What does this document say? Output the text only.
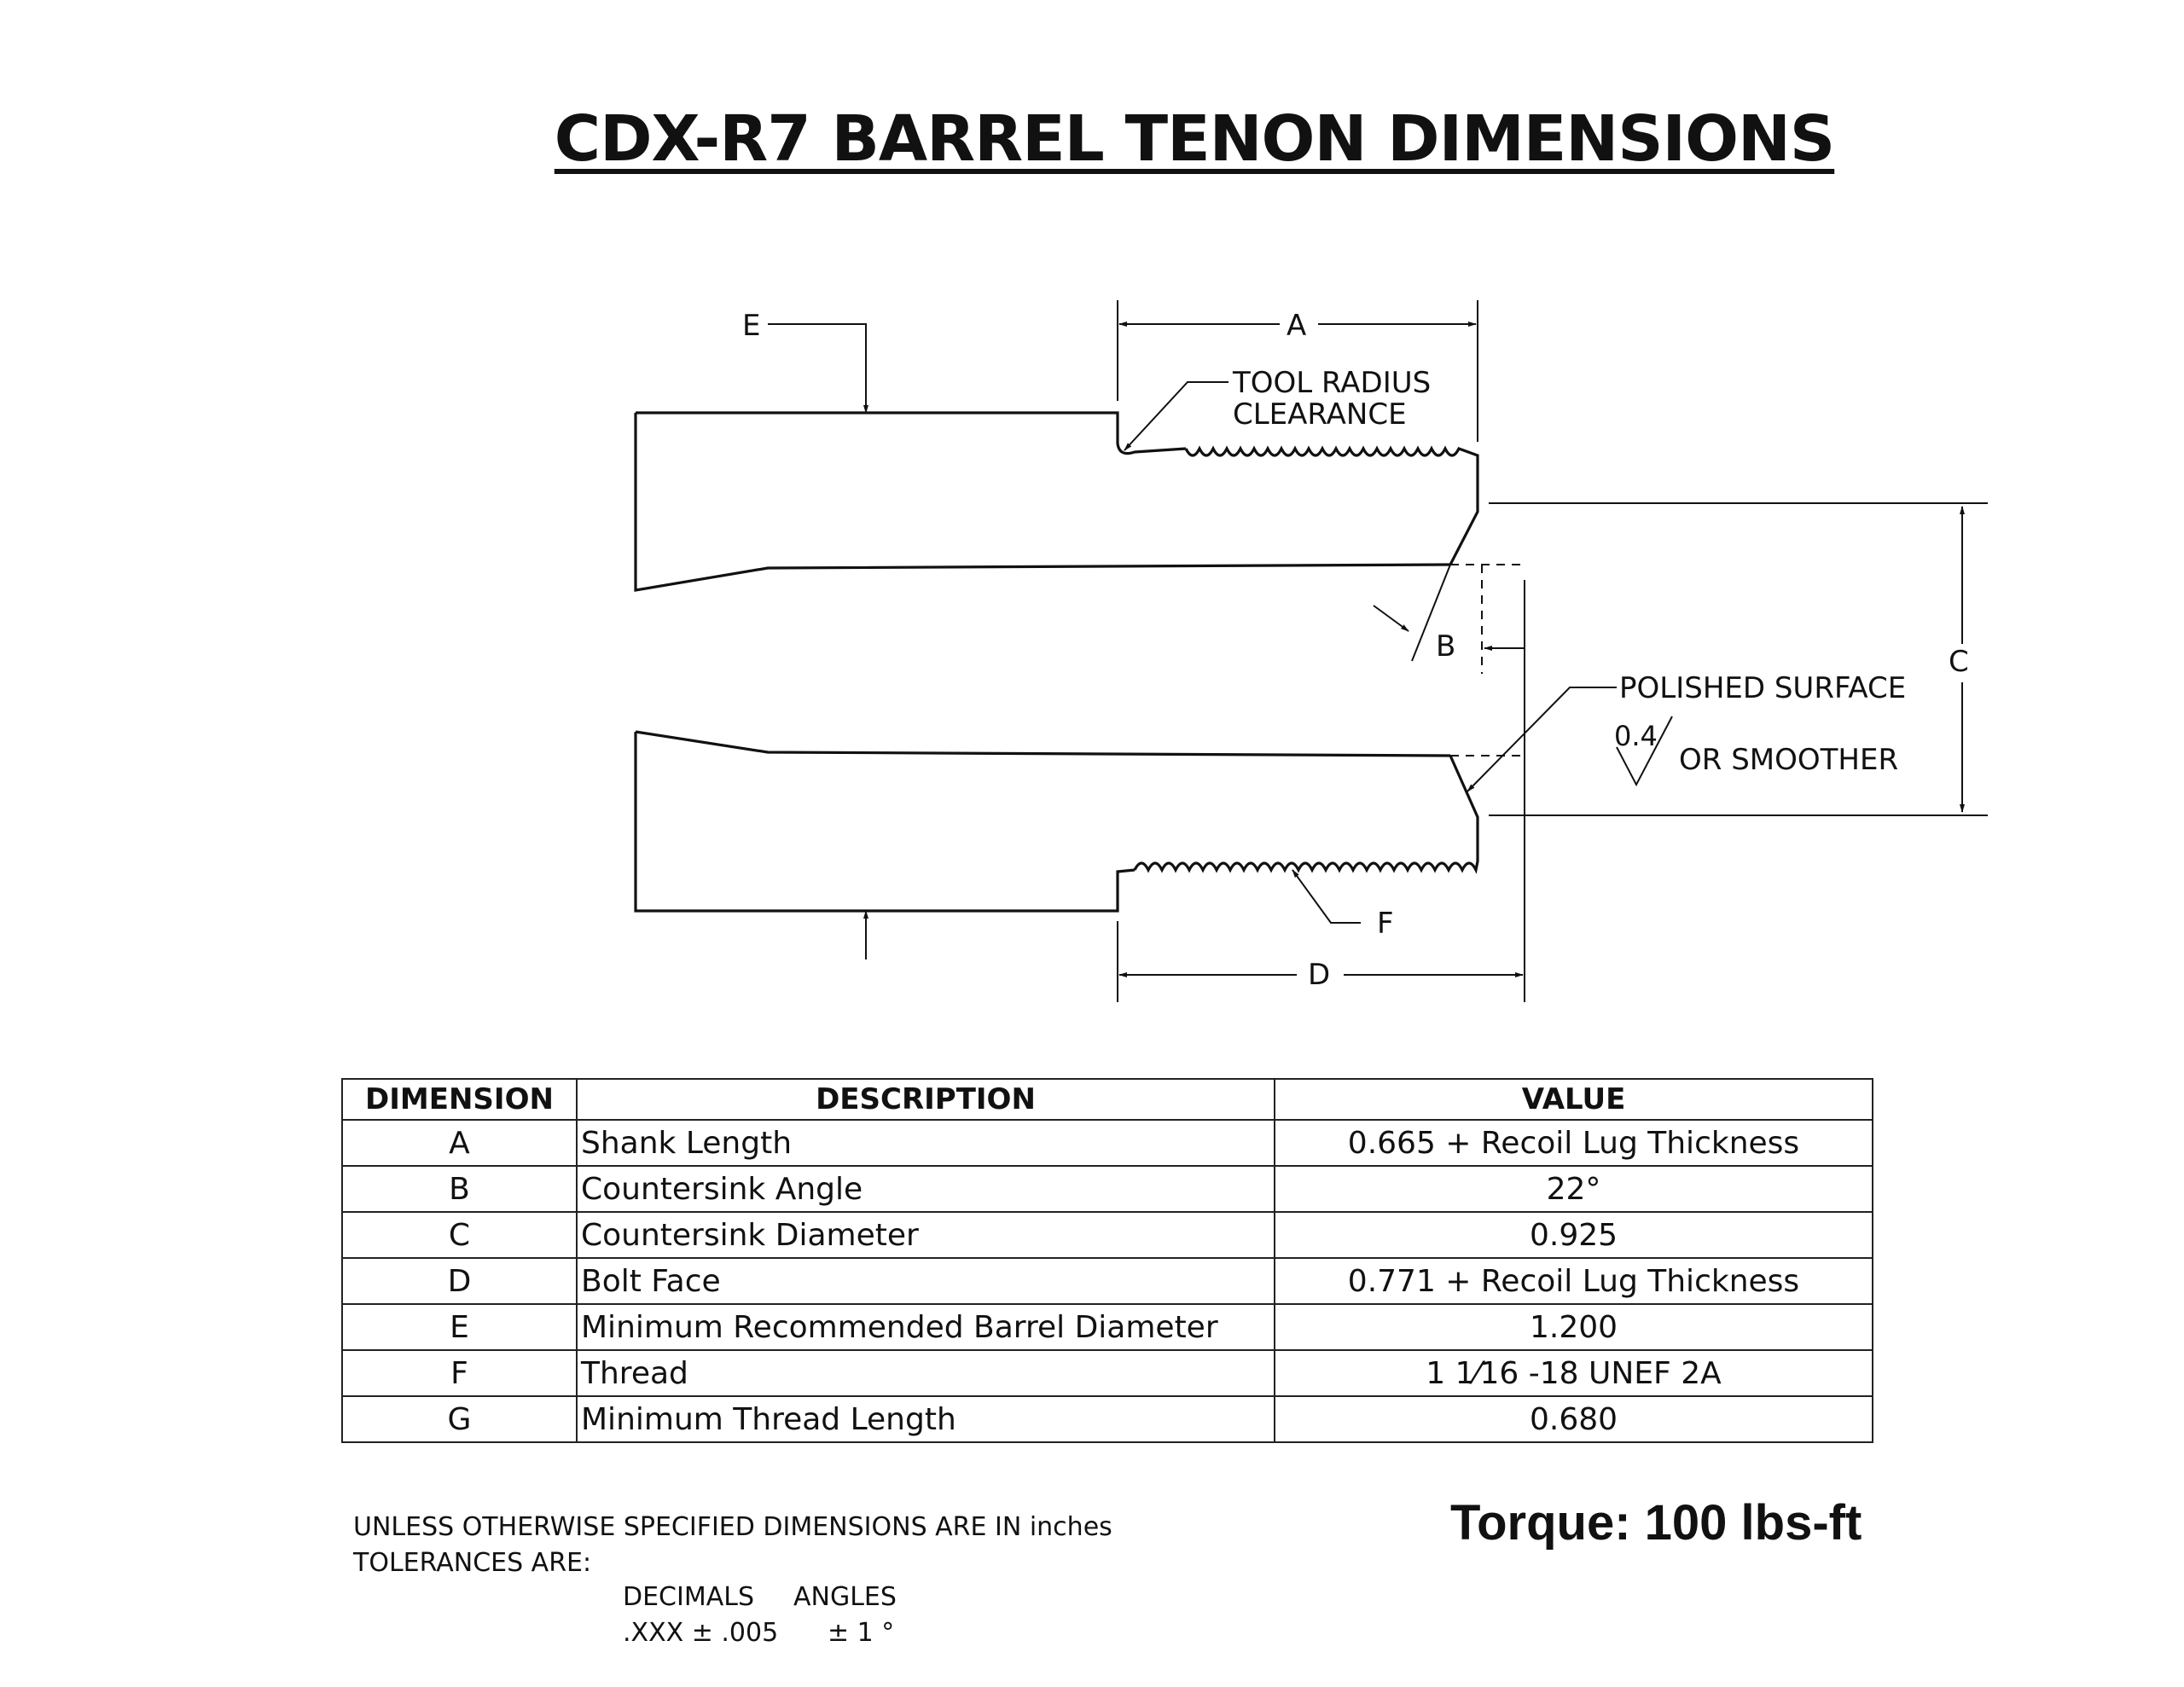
CDX-R7 BARREL TENON DIMENSIONS
E	A
TOOL RADIUS
CLEARANCE
C
B
POLISHED SURFACE
0.4
OR SMOOTHER
F
D
DIMENSION	DESCRIPTION	VALUE
A	Shank Length	0.665 + Recoil Lug Thickness
B	Countersink Angle	22°
C	Countersink Diameter	0.925
D	Bolt Face	0.771 + Recoil Lug Thickness
E	Minimum Recommended Barrel Diameter	1.200
F	Thread	1 1⁄16 -18 UNEF 2A
G	Minimum Thread Length	0.680
UNLESS OTHERWISE SPECIFIED DIMENSIONS ARE IN inches
TOLERANCES ARE:
DECIMALS ANGLES
.XXX ± .005 ± 1 °
Torque: 100 lbs-ft
